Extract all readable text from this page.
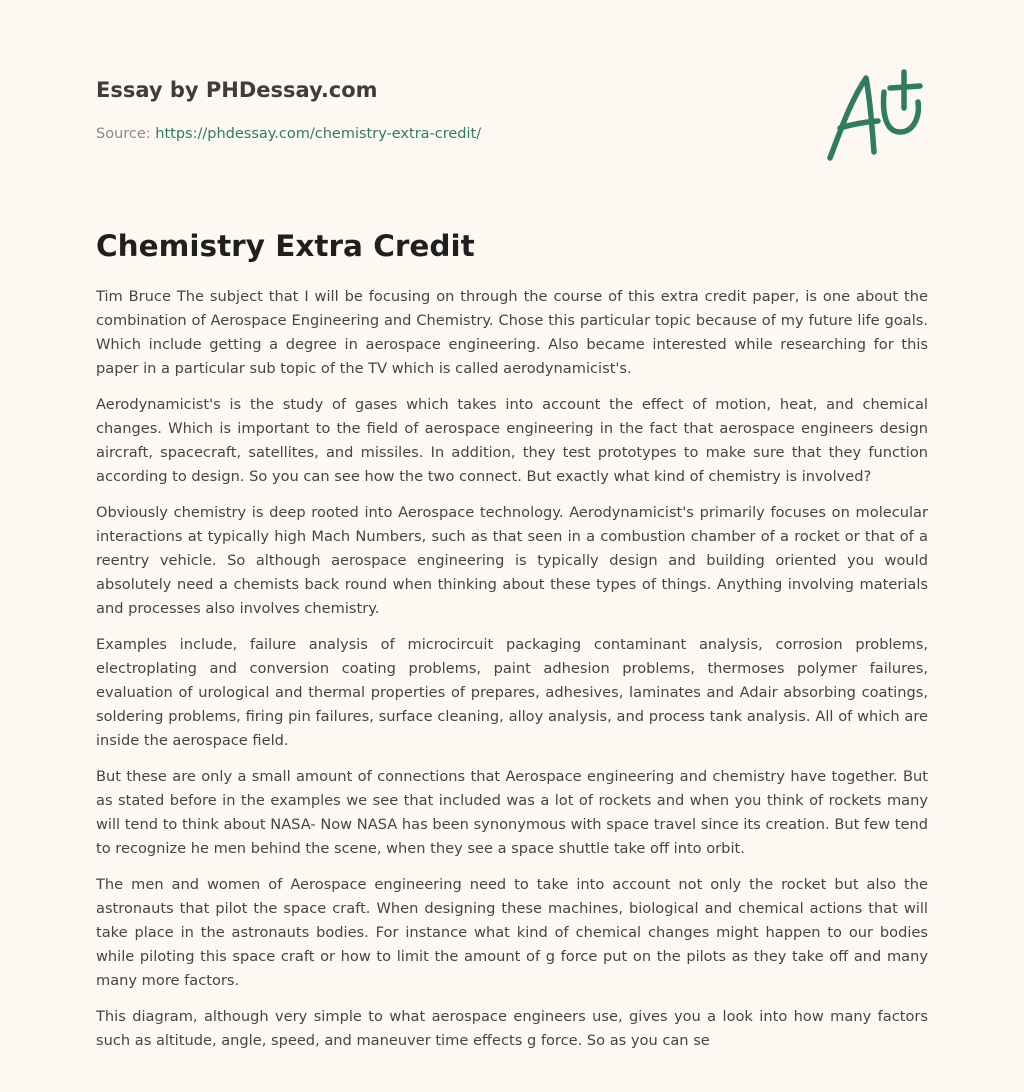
Essay by PHDessay.com
Source: https://phdessay.com/chemistry-extra-credit/
Chemistry Extra Credit

Tim Bruce The subject that I will be focusing on through the course of this extra credit paper, is one about the combination of Aerospace Engineering and Chemistry. Chose this particular topic because of my future life goals. Which include getting a degree in aerospace engineering. Also became interested while researching for this paper in a particular sub topic of the TV which is called aerodynamicist's.

Aerodynamicist's is the study of gases which takes into account the effect of motion, heat, and chemical changes. Which is important to the field of aerospace engineering in the fact that aerospace engineers design aircraft, spacecraft, satellites, and missiles. In addition, they test prototypes to make sure that they function according to design. So you can see how the two connect. But exactly what kind of chemistry is involved?

Obviously chemistry is deep rooted into Aerospace technology. Aerodynamicist's primarily focuses on molecular interactions at typically high Mach Numbers, such as that seen in a combustion chamber of a rocket or that of a reentry vehicle. So although aerospace engineering is typically design and building oriented you would absolutely need a chemists back round when thinking about these types of things. Anything involving materials and processes also involves chemistry.

Examples include, failure analysis of microcircuit packaging contaminant analysis, corrosion problems, electroplating and conversion coating problems, paint adhesion problems, thermoses polymer failures, evaluation of urological and thermal properties of prepares, adhesives, laminates and Adair absorbing coatings, soldering problems, firing pin failures, surface cleaning, alloy analysis, and process tank analysis. All of which are inside the aerospace field.

But these are only a small amount of connections that Aerospace engineering and chemistry have together. But as stated before in the examples we see that included was a lot of rockets and when you think of rockets many will tend to think about NASA- Now NASA has been synonymous with space travel since its creation. But few tend to recognize he men behind the scene, when they see a space shuttle take off into orbit.

The men and women of Aerospace engineering need to take into account not only the rocket but also the astronauts that pilot the space craft. When designing these machines, biological and chemical actions that will take place in the astronauts bodies. For instance what kind of chemical changes might happen to our bodies while piloting this space craft or how to limit the amount of g force put on the pilots as they take off and many many more factors.

This diagram, although very simple to what aerospace engineers use, gives you a look into how many factors such as altitude, angle, speed, and maneuver time effects g force. So as you can se
